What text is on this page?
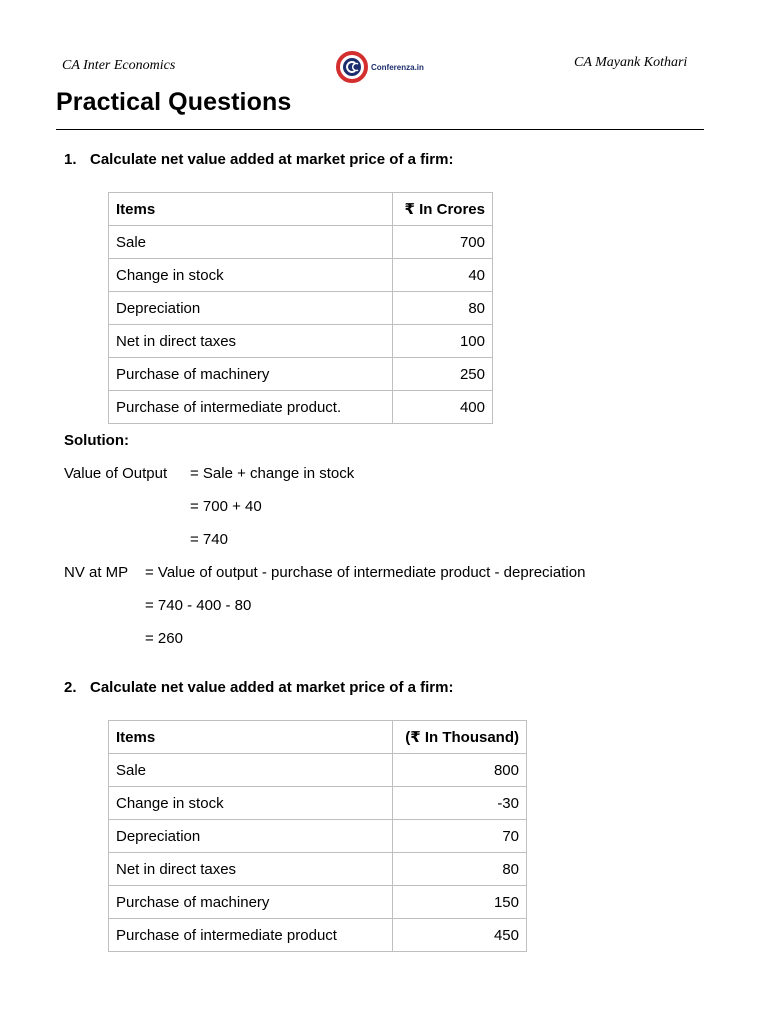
CA Inter Economics	Conferenza.in	CA Mayank Kothari
Practical Questions
1. Calculate net value added at market price of a firm:
Items	₹ In Crores
Sale	700
Change in stock	40
Depreciation	80
Net in direct taxes	100
Purchase of machinery	250
Purchase of intermediate product.	400
Solution:
Value of Output = Sale + change in stock
= 700 + 40
= 740
NV at MP = Value of output - purchase of intermediate product - depreciation
= 740 - 400 - 80
= 260
2. Calculate net value added at market price of a firm:
Items	(₹ In Thousand)
Sale	800
Change in stock	-30
Depreciation	70
Net in direct taxes	80
Purchase of machinery	150
Purchase of intermediate product	450
